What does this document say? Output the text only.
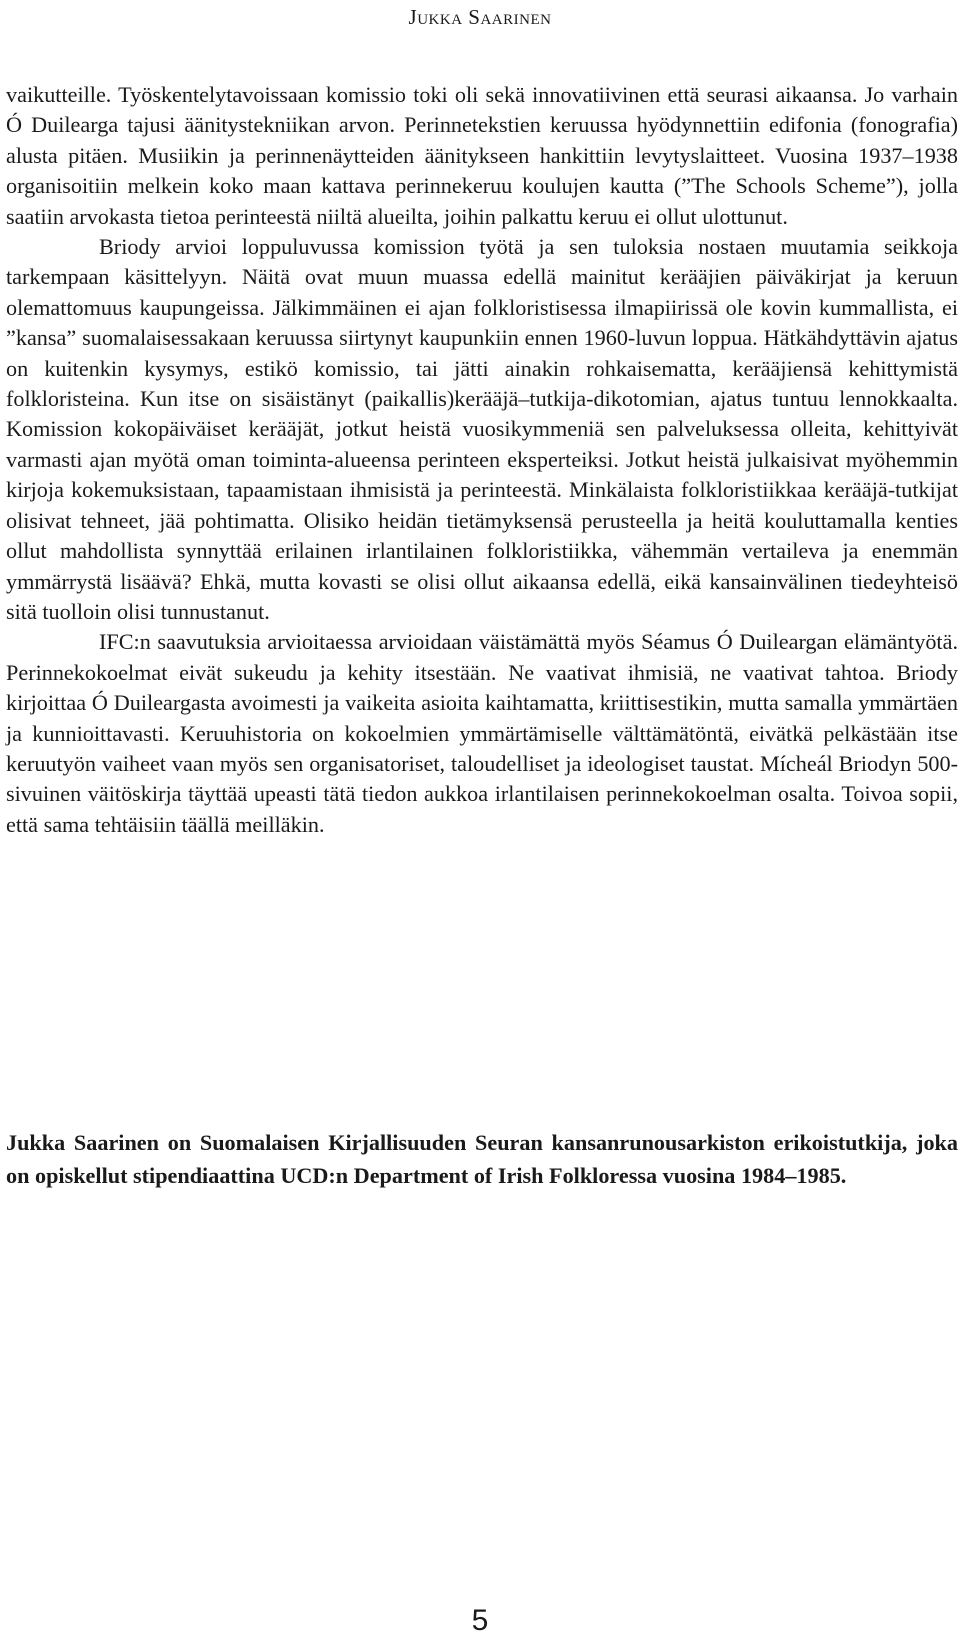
Jukka Saarinen

vaikutteille. Työskentelytavoissaan komissio toki oli sekä innovatiivinen että seurasi aikaansa. Jo varhain Ó Duilearga tajusi äänitystekniikan arvon. Perinnetekstien keruussa hyödynnettiin edifonia (fonografia) alusta pitäen. Musiikin ja perinnenäytteiden äänitykseen hankittiin levytyslaitteet. Vuosina 1937–1938 organisoitiin melkein koko maan kattava perinnekeruu koulujen kautta (”The Schools Scheme”), jolla saatiin arvokasta tietoa perinteestä niiltä alueilta, joihin palkattu keruu ei ollut ulottunut.

Briody arvioi loppuluvussa komission työtä ja sen tuloksia nostaen muutamia seikkoja tarkempaan käsittelyyn. Näitä ovat muun muassa edellä mainitut kerääjien päiväkirjat ja keruun olemattomuus kaupungeissa. Jälkimmäinen ei ajan folkloristisessa ilmapiirissä ole kovin kummallista, ei ”kansa” suomalaisessakaan keruussa siirtynyt kaupunkiin ennen 1960-luvun loppua. Hätkähdyttävin ajatus on kuitenkin kysymys, estikö komissio, tai jätti ainakin rohkaisematta, kerääjiensä kehittymistä folkloristeina. Kun itse on sisäistänyt (paikallis)kerääjä–tutkija-dikotomian, ajatus tuntuu lennokkaalta. Komission kokopäiväiset kerääjät, jotkut heistä vuosikymmeniä sen palveluksessa olleita, kehittyivät varmasti ajan myötä oman toiminta-alueensa perinteen eksperteiksi. Jotkut heistä julkaisivat myöhemmin kirjoja kokemuksistaan, tapaamistaan ihmisistä ja perinteestä. Minkälaista folkloristiikkaa kerääjä-tutkijat olisivat tehneet, jää pohtimatta. Olisiko heidän tietämyksensä perusteella ja heitä kouluttamalla kenties ollut mahdollista synnyttää erilainen irlantilainen folkloristiikka, vähemmän vertaileva ja enemmän ymmärrystä lisäävä? Ehkä, mutta kovasti se olisi ollut aikaansa edellä, eikä kansainvälinen tiedeyhteisö sitä tuolloin olisi tunnustanut.

IFC:n saavutuksia arvioitaessa arvioidaan väistämättä myös Séamus Ó Duileargan elämäntyötä. Perinnekokoelmat eivät sukeudu ja kehity itsestään. Ne vaativat ihmisiä, ne vaativat tahtoa. Briody kirjoittaa Ó Duileargasta avoimesti ja vaikeita asioita kaihtamatta, kriittisestikin, mutta samalla ymmärtäen ja kunnioittavasti. Keruuhistoria on kokoelmien ymmärtämiselle välttämätöntä, eivätkä pelkästään itse keruutyön vaiheet vaan myös sen organisatoriset, taloudelliset ja ideologiset taustat. Mícheál Briodyn 500-sivuinen väitöskirja täyttää upeasti tätä tiedon aukkoa irlantilaisen perinnekokoelman osalta. Toivoa sopii, että sama tehtäisiin täällä meilläkin.

Jukka Saarinen on Suomalaisen Kirjallisuuden Seuran kansanrunousarkiston erikoistutkija, joka on opiskellut stipendiaattina UCD:n Department of Irish Folkloressa vuosina 1984–1985.

5
